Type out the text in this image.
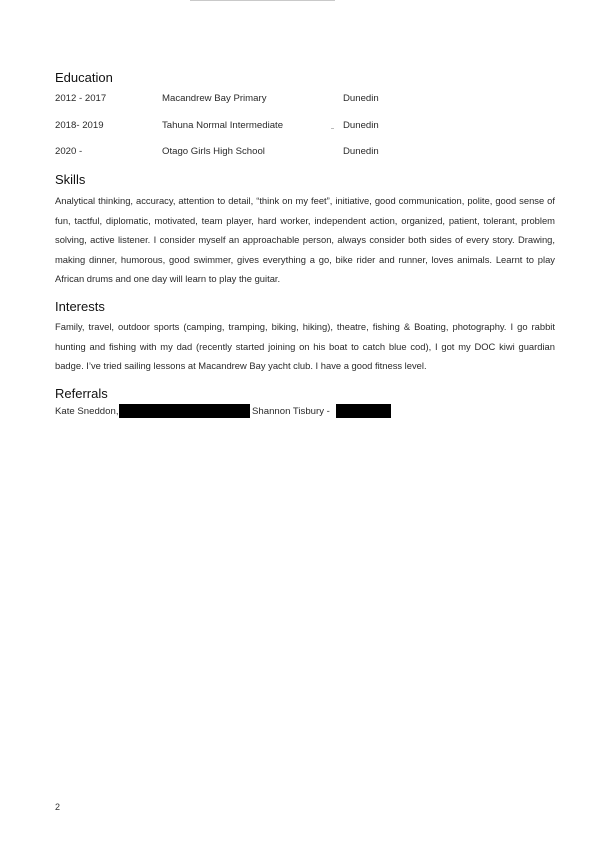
Education
2012 - 2017	Macandrew Bay Primary	Dunedin
2018- 2019	Tahuna Normal Intermediate	Dunedin
2020 -	Otago Girls High School	Dunedin
Skills

Analytical thinking, accuracy, attention to detail, “think on my feet”, initiative, good communication, polite, good sense of fun, tactful, diplomatic, motivated, team player, hard worker, independent action, organized, patient, tolerant, problem solving, active listener. I consider myself an approachable person, always consider both sides of every story. Drawing, making dinner, humorous, good swimmer, gives everything a go, bike rider and runner, loves animals. Learnt to play African drums and one day will learn to play the guitar.

Interests

Family, travel, outdoor sports (camping, tramping, biking, hiking), theatre, fishing & Boating, photography. I go rabbit hunting and fishing with my dad (recently started joining on his boat to catch blue cod), I got my DOC kiwi guardian badge. I’ve tried sailing lessons at Macandrew Bay yacht club. I have a good fitness level.

Referrals
Kate Sneddon,	Shannon Tisbury -
2
